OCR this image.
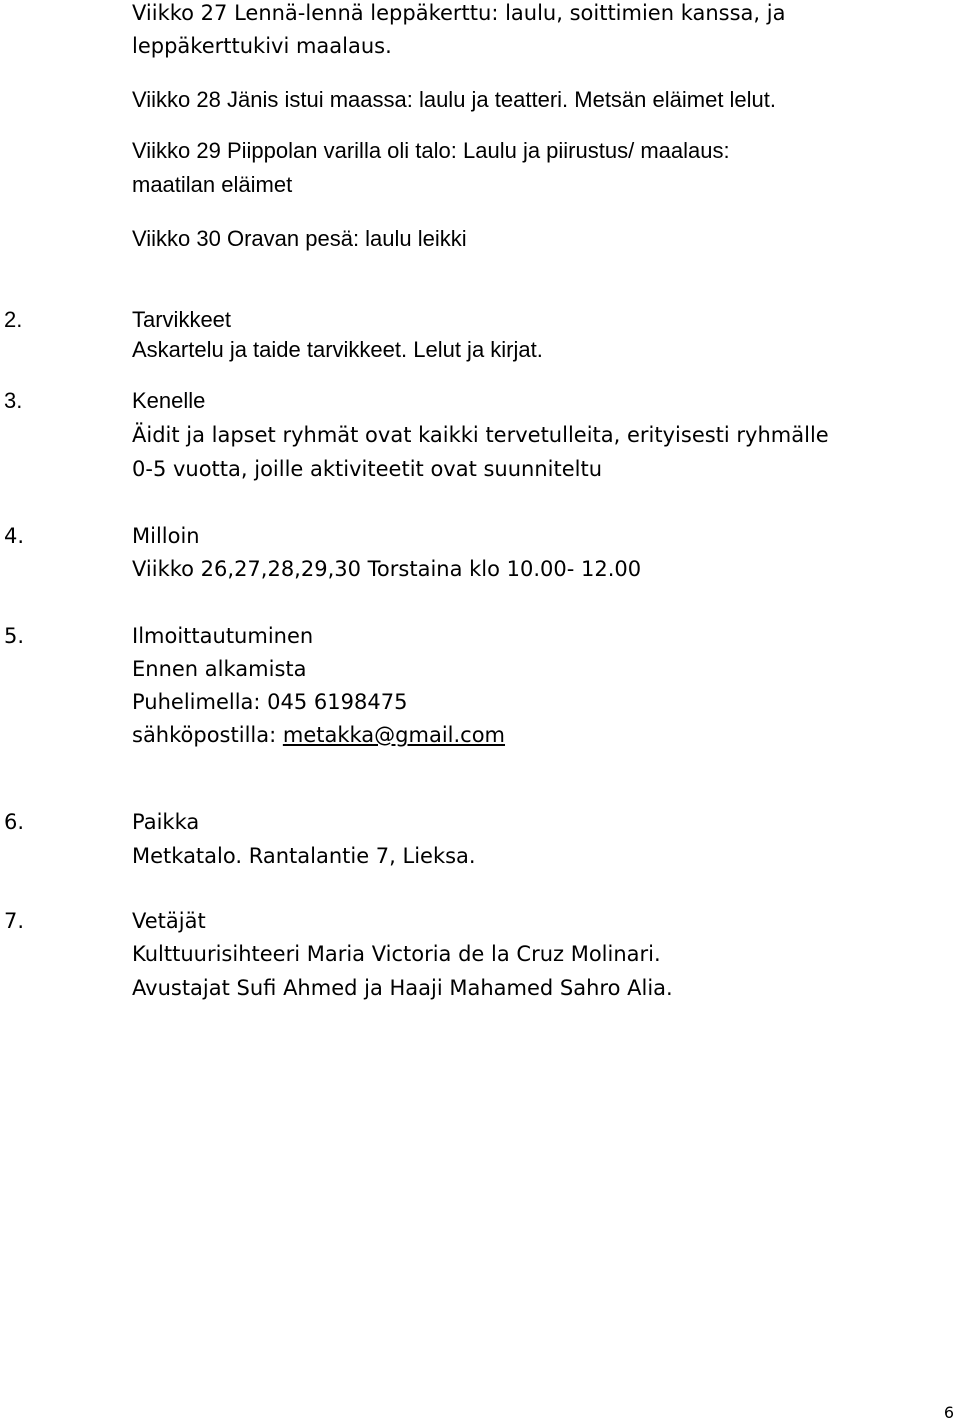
Viikko 27 Lennä-lennä leppäkerttu: laulu, soittimien kanssa, ja
leppäkerttukivi maalaus.
Viikko 28 Jänis istui maassa: laulu ja teatteri. Metsän eläimet lelut.
Viikko 29 Piippolan varilla oli talo: Laulu ja piirustus/ maalaus:
maatilan eläimet
Viikko 30 Oravan pesä: laulu leikki
2.	Tarvikkeet
Askartelu ja taide tarvikkeet. Lelut ja kirjat.
3.	Kenelle
Äidit ja lapset ryhmät ovat kaikki tervetulleita, erityisesti ryhmälle
0-5 vuotta, joille aktiviteetit ovat suunniteltu
4.	Milloin
Viikko 26,27,28,29,30 Torstaina klo 10.00- 12.00
5.	Ilmoittautuminen
Ennen alkamista
Puhelimella: 045 6198475
sähköpostilla: metakka@gmail.com
6.	Paikka
Metkatalo. Rantalantie 7, Lieksa.
7.	Vetäjät
Kulttuurisihteeri Maria Victoria de la Cruz Molinari.
Avustajat Sufi Ahmed ja Haaji Mahamed Sahro Alia.
6
